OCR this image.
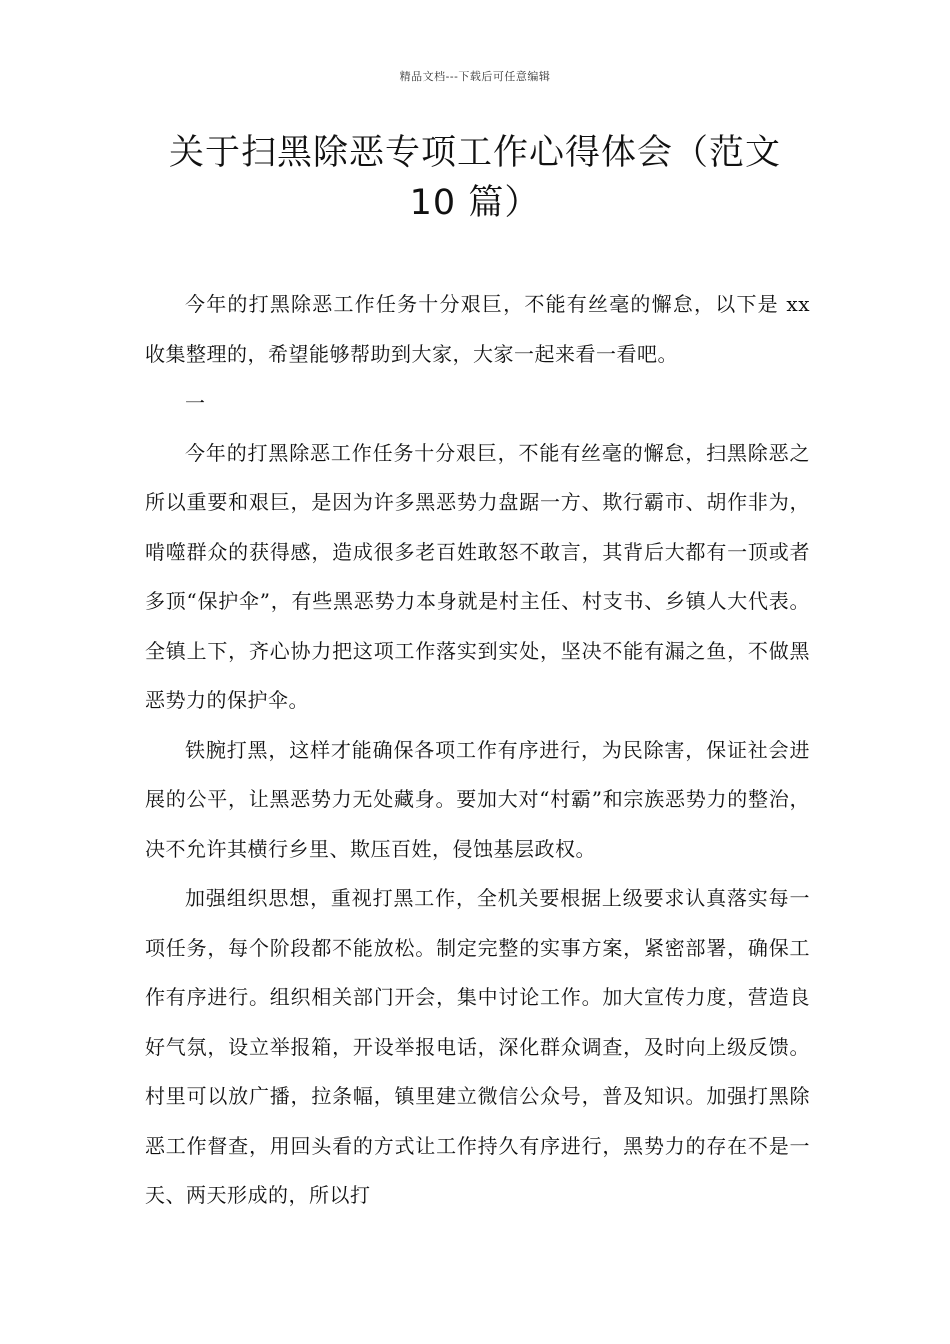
精品文档---下载后可任意编辑
关于扫黑除恶专项工作心得体会（范文
10 篇）

今年的打黑除恶工作任务十分艰巨，不能有丝毫的懈怠，以下是 xx 收集整理的，希望能够帮助到大家，大家一起来看一看吧。

一

今年的打黑除恶工作任务十分艰巨，不能有丝毫的懈怠，扫黑除恶之所以重要和艰巨，是因为许多黑恶势力盘踞一方、欺行霸市、胡作非为，啃噬群众的获得感，造成很多老百姓敢怒不敢言，其背后大都有一顶或者多顶“保护伞”，有些黑恶势力本身就是村主任、村支书、乡镇人大代表。全镇上下，齐心协力把这项工作落实到实处，坚决不能有漏之鱼，不做黑恶势力的保护伞。

铁腕打黑，这样才能确保各项工作有序进行，为民除害，保证社会进展的公平，让黑恶势力无处藏身。要加大对“村霸”和宗族恶势力的整治，决不允许其横行乡里、欺压百姓，侵蚀基层政权。

加强组织思想，重视打黑工作，全机关要根据上级要求认真落实每一项任务，每个阶段都不能放松。制定完整的实事方案，紧密部署，确保工作有序进行。组织相关部门开会，集中讨论工作。加大宣传力度，营造良好气氛，设立举报箱，开设举报电话，深化群众调查，及时向上级反馈。村里可以放广播，拉条幅，镇里建立微信公众号，普及知识。加强打黑除恶工作督查，用回头看的方式让工作持久有序进行，黑势力的存在不是一天、两天形成的，所以打
